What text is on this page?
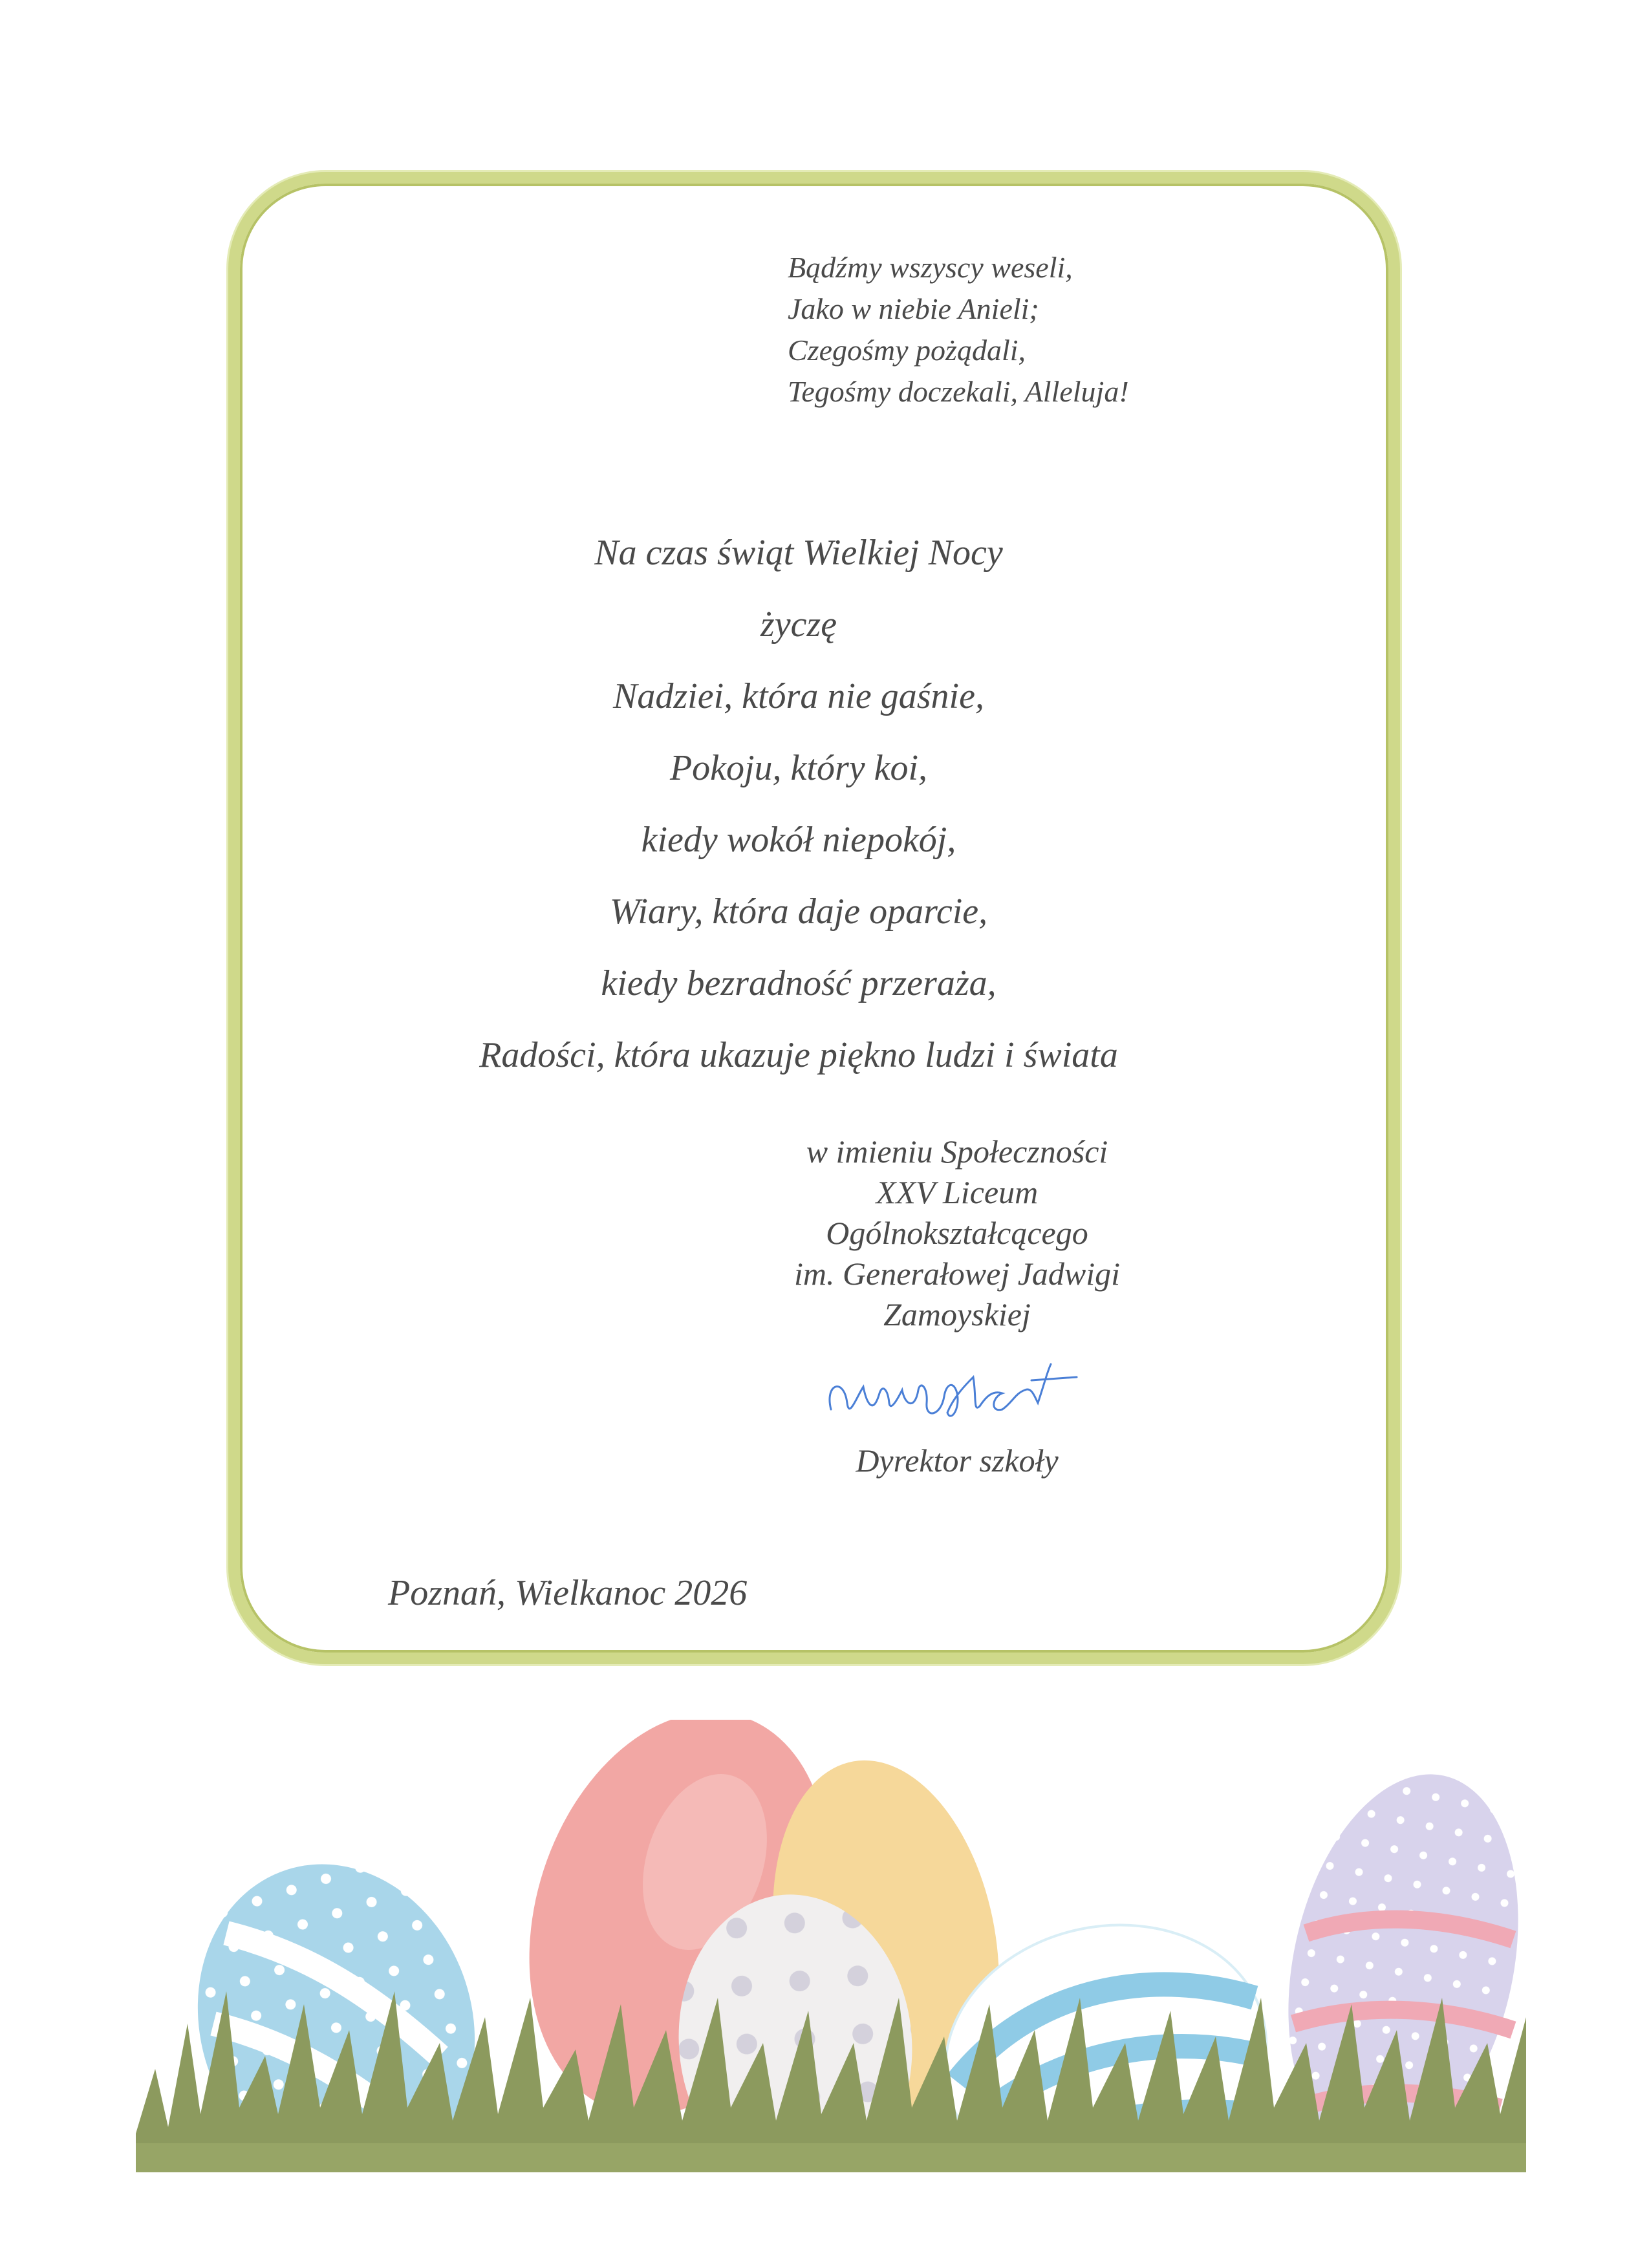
Bądźmy wszyscy weseli,
Jako w niebie Anieli;
Czegośmy pożądali,
Tegośmy doczekali, Alleluja!
Na czas świąt Wielkiej Nocy
życzę
Nadziei, która nie gaśnie,
Pokoju, który koi,
kiedy wokół niepokój,
Wiary, która daje oparcie,
kiedy bezradność przeraża,
Radości, która ukazuje piękno ludzi i świata
w imieniu Społeczności
XXV Liceum
Ogólnokształcącego
im. Generałowej Jadwigi
Zamoyskiej
Dyrektor szkoły
Poznań, Wielkanoc 2026
